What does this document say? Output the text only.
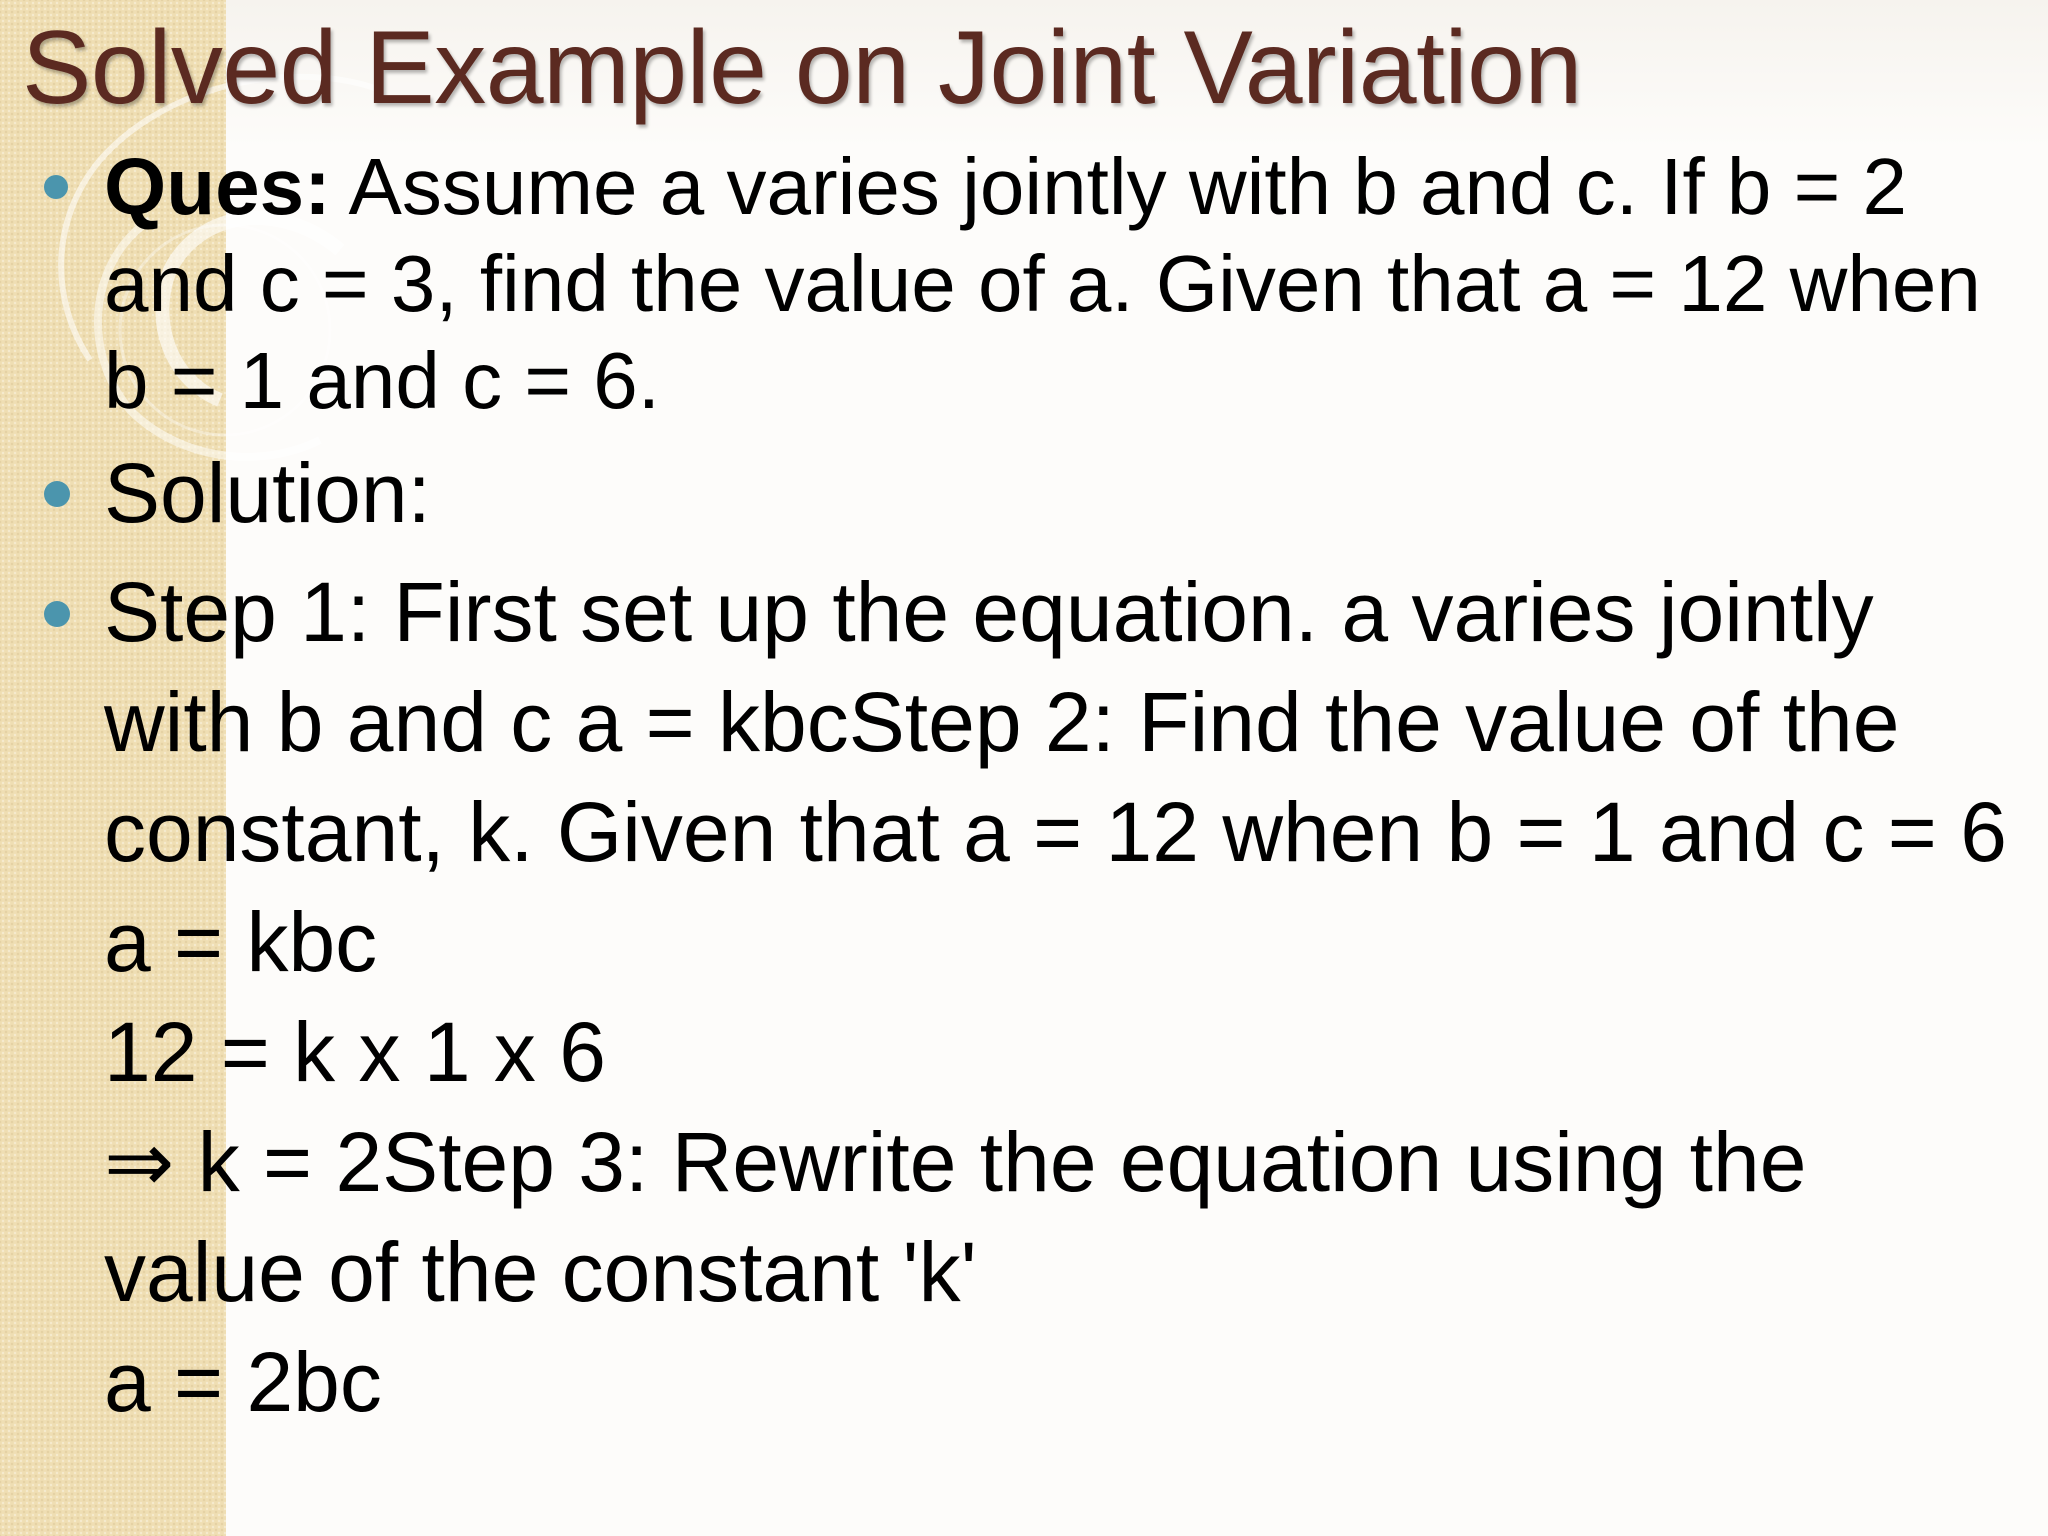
Solved Example on Joint Variation
Ques: Assume a varies jointly with b and c. If b = 2 and c = 3, find the value of a. Given that a = 12 when b = 1 and c = 6.
Solution:
Step 1: First set up the equation. a varies jointly with b and c a = kbcStep 2: Find the value of the constant, k. Given that a = 12 when b = 1 and c = 6
a = kbc
12 = k x 1 x 6
⇒ k = 2Step 3: Rewrite the equation using the value of the constant 'k'
a = 2bc
